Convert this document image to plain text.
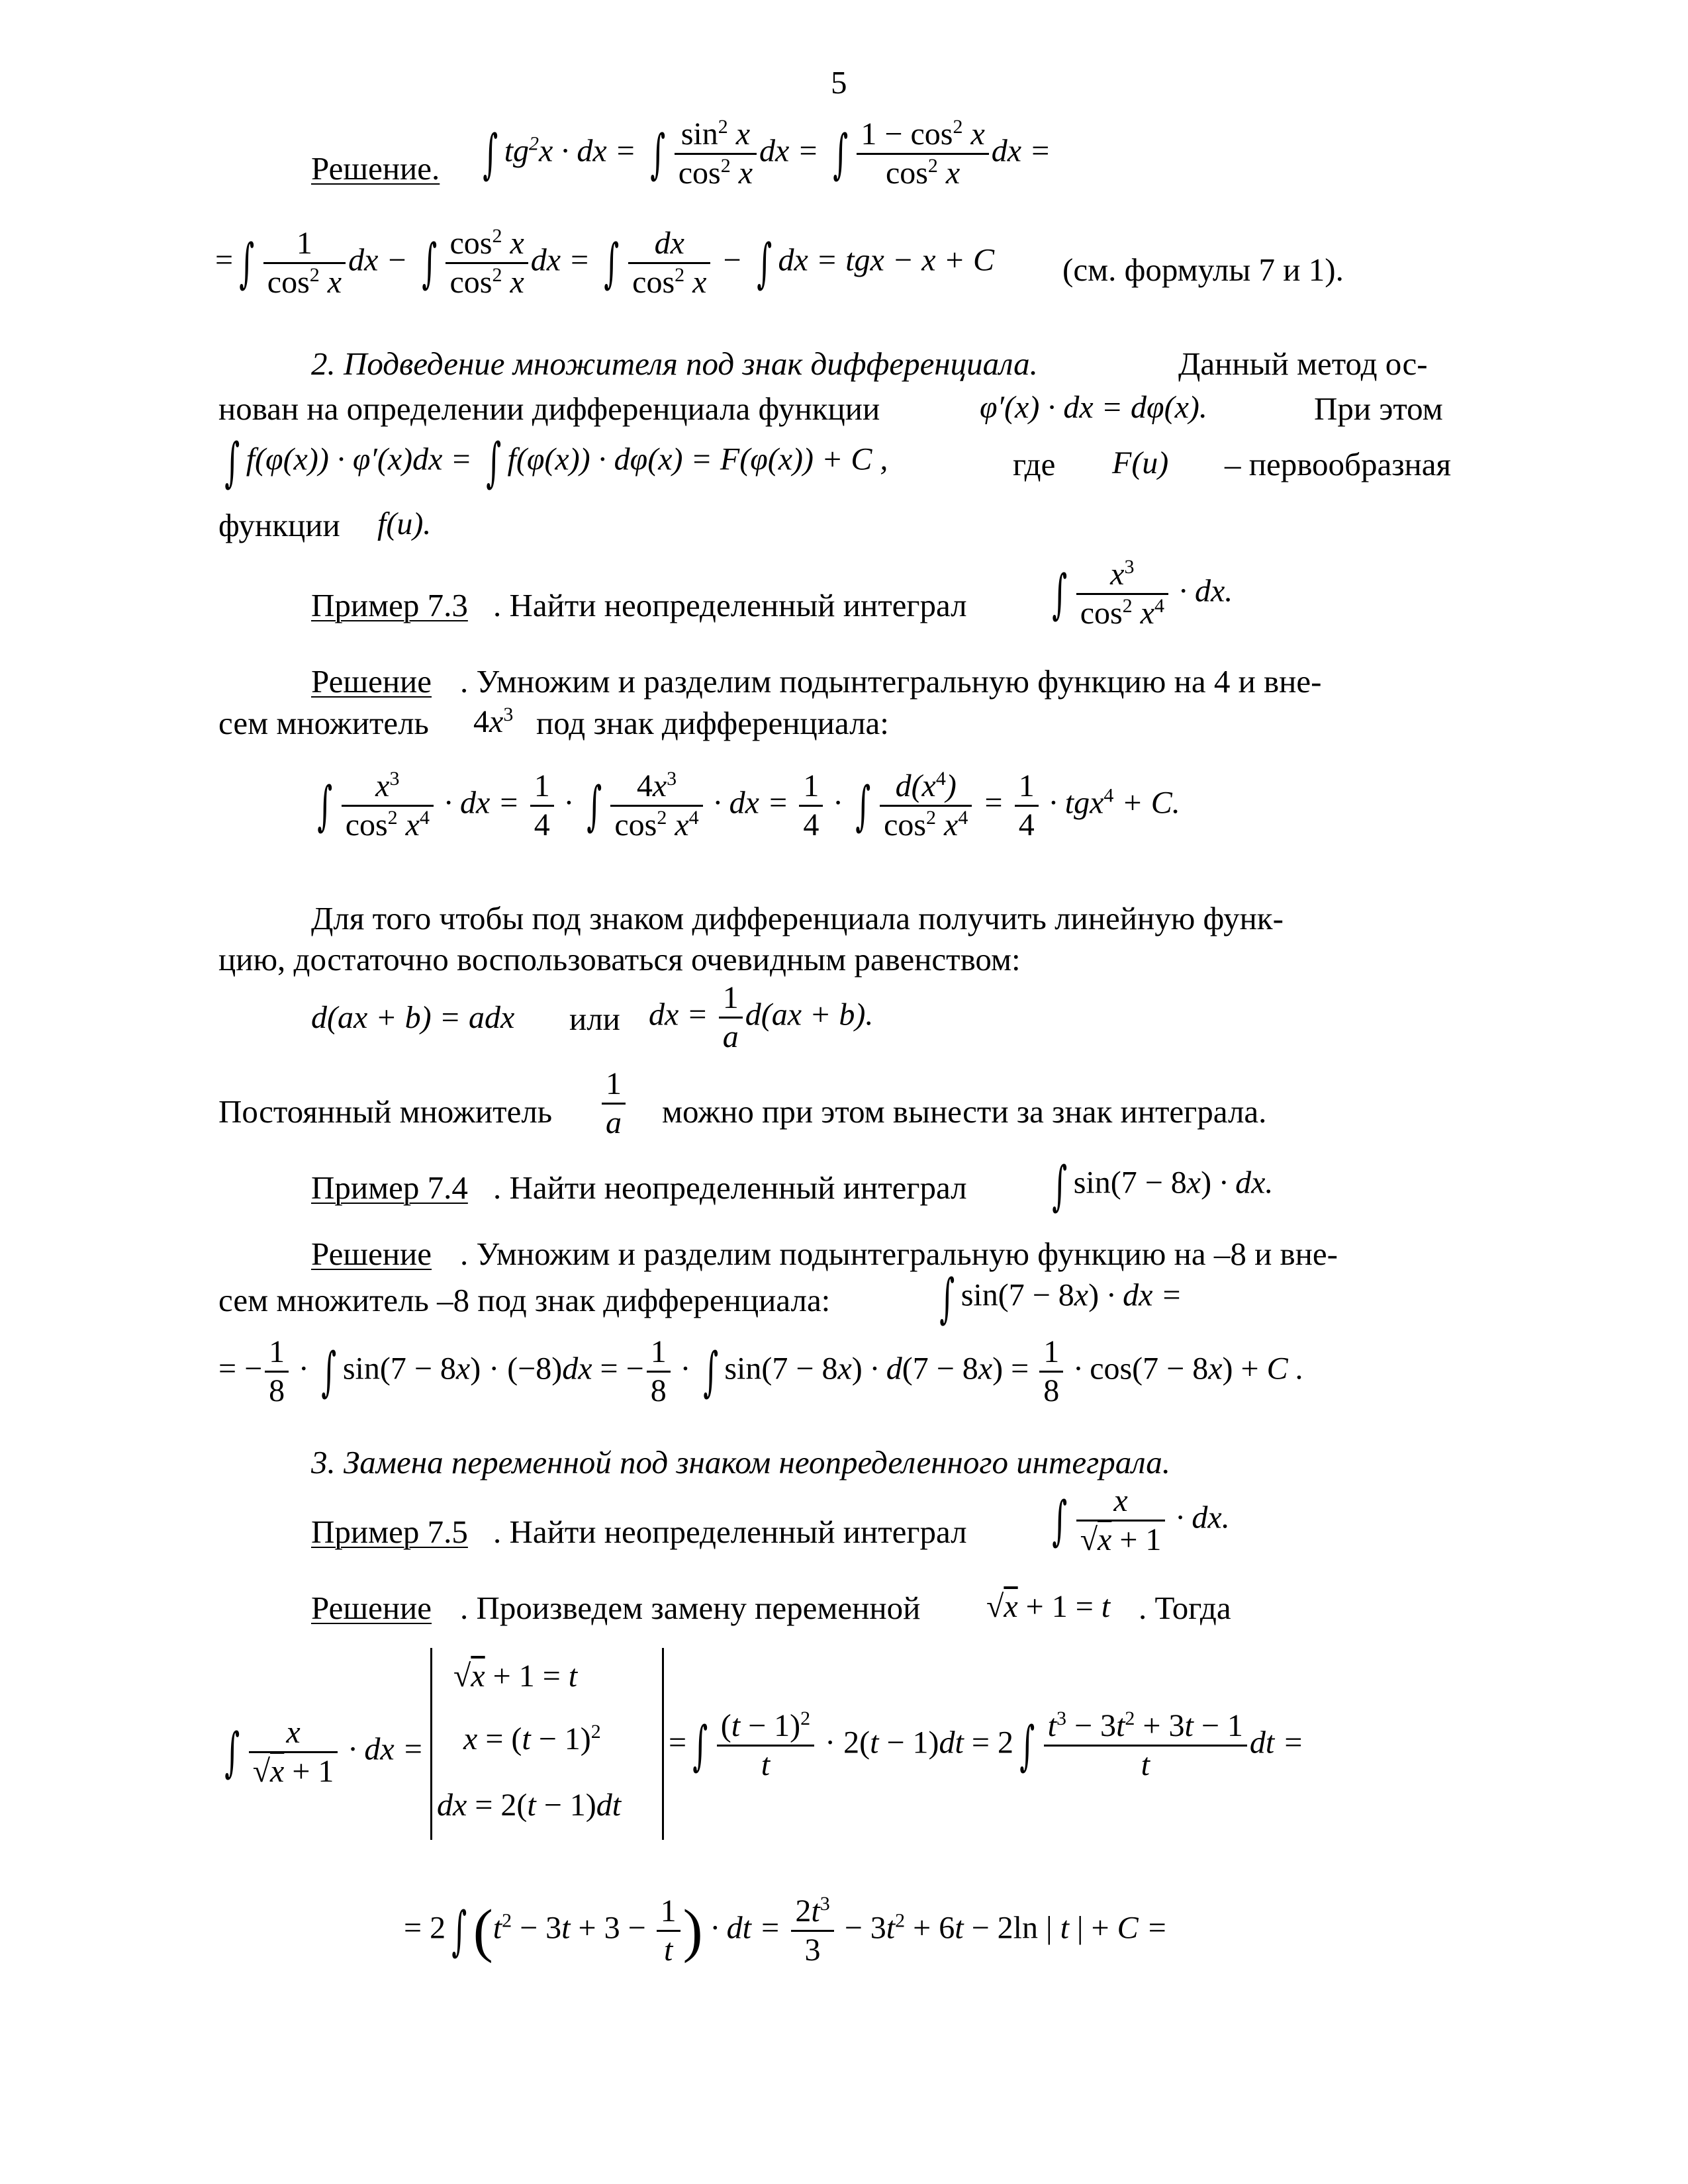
5
Решение. ∫ $tg^2x$ · dx = ∫ $\frac{\sin^2 x}{\cos^2 x}$ dx = ∫ $\frac{1 - \cos^2 x}{\cos^2 x}$ dx =
= ∫ $\frac{1}{\cos^2 x}$ dx − ∫ $\frac{\cos^2 x}{\cos^2 x}$ dx = ∫ $\frac{dx}{\cos^2 x}$ − ∫ dx = tgx − x + C (см. формулы 7 и 1).
2. Подведение множителя под знак дифференциала.	Данный метод ос-
нован на определении дифференциала функции	φ′(x) · dx = dφ(x).	При этом
∫ f(φ(x)) · φ′(x)dx = ∫ f(φ(x)) · dφ(x) = F(φ(x)) + C ,	где F(u) – первообразная
функции f(u).
Пример 7.3 . Найти неопределенный интеграл ∫ $\frac{x^3}{\cos^2 x^4}$ · dx.
Решение . Умножим и разделим подынтегральную функцию на 4 и вне-
сем множитель $4x^3$ под знак дифференциала:
∫ $\frac{x^3}{\cos^2 x^4}$ · dx = $\frac{1}{4}$ · ∫ $\frac{4x^3}{\cos^2 x^4}$ · dx = $\frac{1}{4}$ · ∫ $\frac{d(x^4)}{\cos^2 x^4} = \frac{1}{4} \cdot tgx^4 + C$.
Для того чтобы под знаком дифференциала получить линейную функ-
цию, достаточно воспользоваться очевидным равенством:
d(ax + b) = adx или dx = $\frac{1}{a} d(ax + b)$.
Постоянный множитель $\frac{1}{a}$ можно при этом вынести за знак интеграла.
Пример 7.4 . Найти неопределенный интеграл ∫ sin(7 − 8x) · dx.
Решение . Умножим и разделим подынтегральную функцию на –8 и вне-
сем множитель –8 под знак дифференциала: ∫ sin(7 − 8x) · dx =
= − $\frac{1}{8}$ · ∫ sin(7 − 8x) · (−8)dx = − $\frac{1}{8}$ · ∫ $\sin(7 - 8x) \cdot d(7 - 8x) = \frac{1}{8} \cdot \cos(7 - 8x) + C$ .
3. Замена переменной под знаком неопределенного интеграла.
Пример 7.5 . Найти неопределенный интеграл ∫ $\frac{x}{√x + 1}$ · dx.
Решение . Произведем замену переменной √x + 1 = t . Тогда
∫ $\frac{x}{√x + 1}$ · dx =
√x + 1 = t
$x = (t - 1)^2$
dx = 2(t − 1)dt
= ∫ $\frac{(t - 1)^2}{t} \cdot 2(t - 1)dt = 2$ ∫ $\frac{t^3 - 3t^2 + 3t - 1}{t}$ dt =
= 2 ∫ ($t^2 - 3t + 3 - \frac{1}{t}$ ) · dt = $\frac{2t^3}{3} - 3t^2 + 6t - 2\ln$ | t | + C =
